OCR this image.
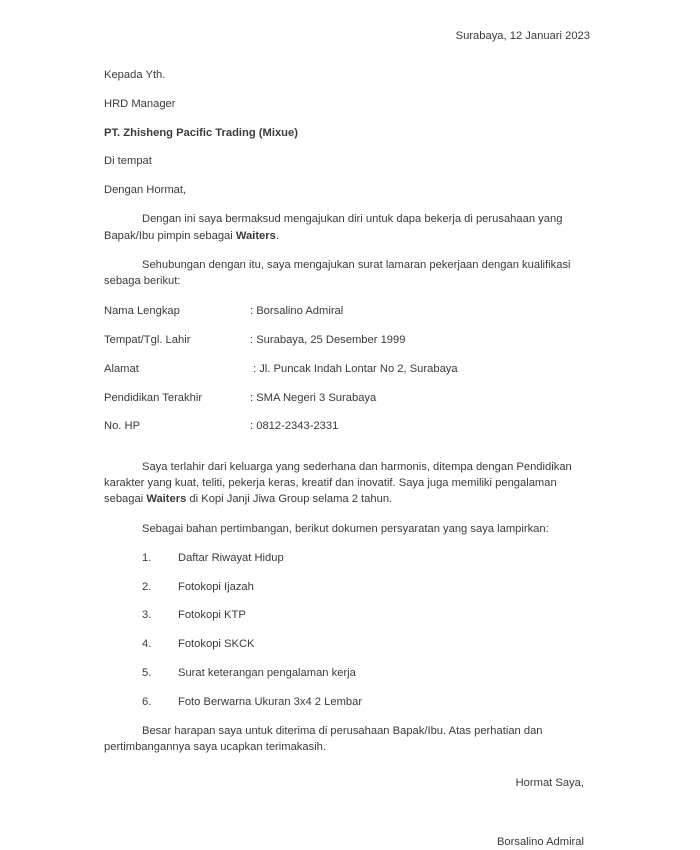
Surabaya, 12 Januari 2023
Kepada Yth.
HRD Manager
PT. Zhisheng Pacific Trading (Mixue)
Di tempat
Dengan Hormat,

Dengan ini saya bermaksud mengajukan diri untuk dapa bekerja di perusahaan yang Bapak/Ibu pimpin sebagai Waiters.

Sehubungan dengan itu, saya mengajukan surat lamaran pekerjaan dengan kualifikasi sebaga berikut:

Nama Lengkap	: Borsalino Admiral
Tempat/Tgl. Lahir	: Surabaya, 25 Desember 1999
Alamat	: Jl. Puncak Indah Lontar No 2, Surabaya
Pendidikan Terakhir	: SMA Negeri 3 Surabaya
No. HP	: 0812-2343-2331

Saya terlahir dari keluarga yang sederhana dan harmonis, ditempa dengan Pendidikan karakter yang kuat, teliti, pekerja keras, kreatif dan inovatif. Saya juga memiliki pengalaman sebagai Waiters di Kopi Janji Jiwa Group selama 2 tahun.

Sebagai bahan pertimbangan, berikut dokumen persyaratan yang saya lampirkan:

1.	Daftar Riwayat Hidup
2.	Fotokopi Ijazah
3.	Fotokopi KTP
4.	Fotokopi SKCK
5.	Surat keterangan pengalaman kerja
6.	Foto Berwarna Ukuran 3x4 2 Lembar

Besar harapan saya untuk diterima di perusahaan Bapak/Ibu. Atas perhatian dan pertimbangannya saya ucapkan terimakasih.

Hormat Saya,
Borsalino Admiral
